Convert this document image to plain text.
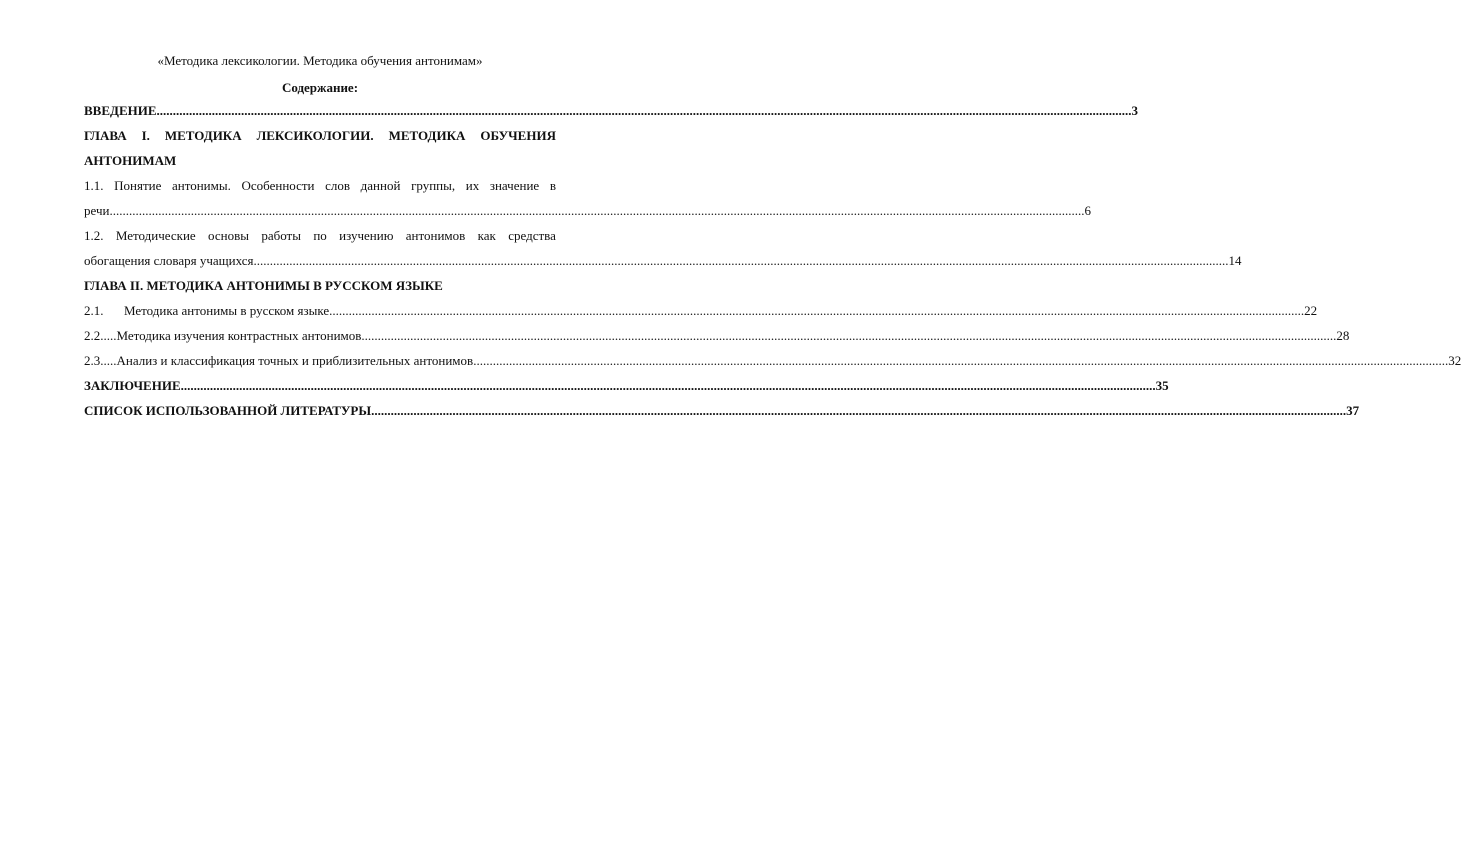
«Методика лексикологии. Методика обучения антонимам»
Содержание:
ВВЕДЕНИЕ ............................................................................................................................................................................................................................................................................................................ 3
ГЛАВА I. МЕТОДИКА ЛЕКСИКОЛОГИИ. МЕТОДИКА ОБУЧЕНИЯ
АНТОНИМАМ
1.1. Понятие антонимы. Особенности слов данной группы, их значение в
речи ............................................................................................................................................................................................................................................................................................................ 6
1.2. Методические основы работы по изучению антонимов как средства
обогащения словаря учащихся ............................................................................................................................................................................................................................................................................................................ 14
ГЛАВА II. МЕТОДИКА АНТОНИМЫ В РУССКОМ ЯЗЫКЕ
2.1.	Методика антонимы в русском языке ............................................................................................................................................................................................................................................................................................................ 22
2.2..... Методика изучения контрастных антонимов ............................................................................................................................................................................................................................................................................................................ 28
2.3..... Анализ и классификация точных и приблизительных антонимов ............................................................................................................................................................................................................................................................................................................ 32
ЗАКЛЮЧЕНИЕ ............................................................................................................................................................................................................................................................................................................ 35
СПИСОК ИСПОЛЬЗОВАННОЙ ЛИТЕРАТУРЫ ............................................................................................................................................................................................................................................................................................................ 37
